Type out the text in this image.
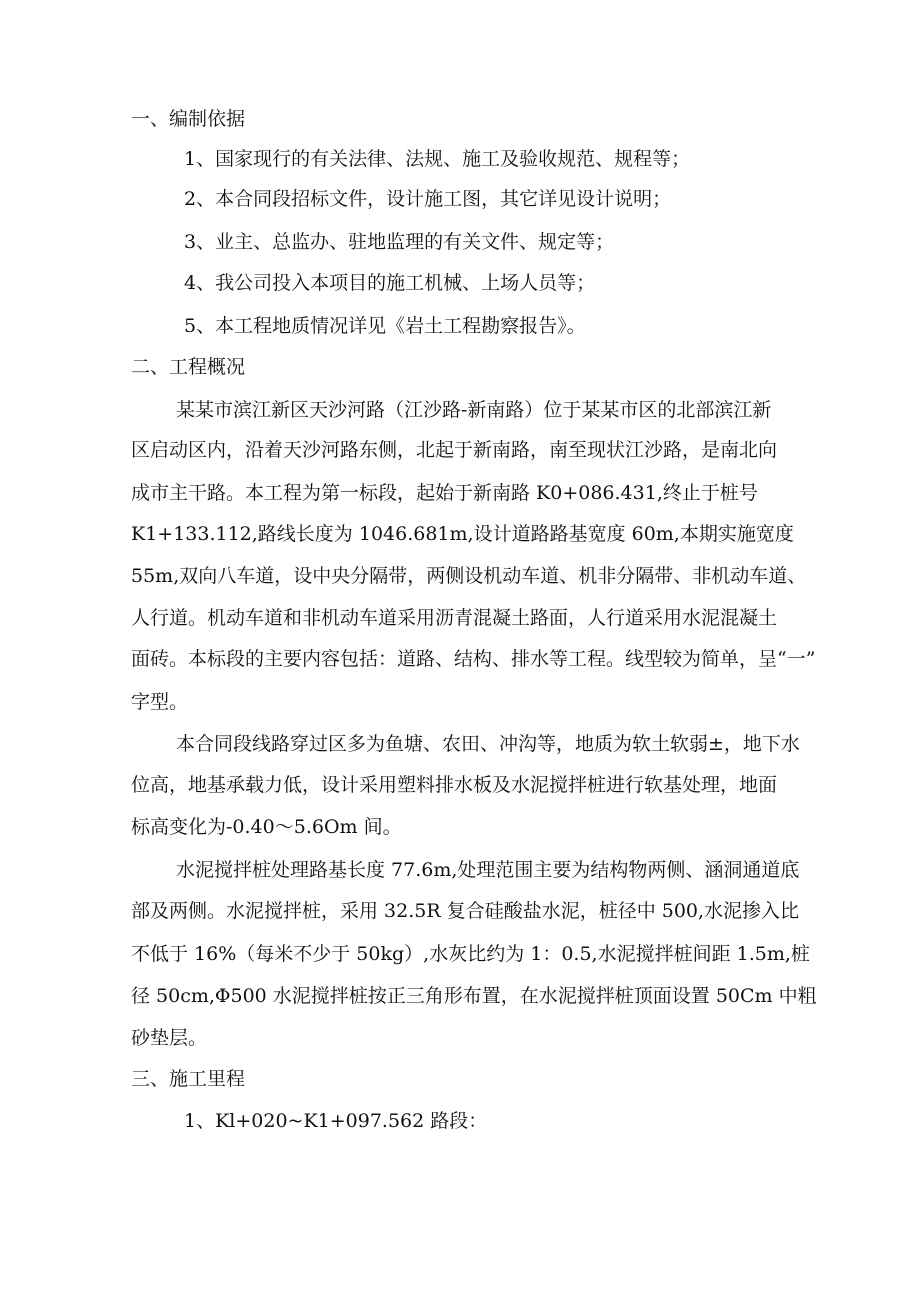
一、编制依据
1、国家现行的有关法律、法规、施工及验收规范、规程等；
2、本合同段招标文件，设计施工图，其它详见设计说明；
3、业主、总监办、驻地监理的有关文件、规定等；
4、我公司投入本项目的施工机械、上场人员等；
5、本工程地质情况详见《岩土工程勘察报告》。
二、工程概况
某某市滨江新区天沙河路（江沙路-新南路）位于某某市区的北部滨江新
区启动区内，沿着天沙河路东侧，北起于新南路，南至现状江沙路，是南北向
成市主干路。本工程为第一标段，起始于新南路 K0+086.431,终止于桩号
K1+133.112,路线长度为 1046.681m,设计道路路基宽度 60m,本期实施宽度
55m,双向八车道，设中央分隔带，两侧设机动车道、机非分隔带、非机动车道、
人行道。机动车道和非机动车道采用沥青混凝土路面，人行道采用水泥混凝土
面砖。本标段的主要内容包括：道路、结构、排水等工程。线型较为简单，呈“一”
字型。
本合同段线路穿过区多为鱼塘、农田、冲沟等，地质为软土软弱±，地下水
位高，地基承载力低，设计采用塑料排水板及水泥搅拌桩进行软基处理，地面
标高变化为-0.40～5.6Om 间。
水泥搅拌桩处理路基长度 77.6m,处理范围主要为结构物两侧、涵洞通道底
部及两侧。水泥搅拌桩，采用 32.5R 复合硅酸盐水泥，桩径中 500,水泥掺入比
不低于 16%（每米不少于 50kg）,水灰比约为 1：0.5,水泥搅拌桩间距 1.5m,桩
径 50cm,Φ500 水泥搅拌桩按正三角形布置，在水泥搅拌桩顶面设置 50Cm 中粗
砂垫层。
三、施工里程
1、Kl+020~K1+097.562 路段：
